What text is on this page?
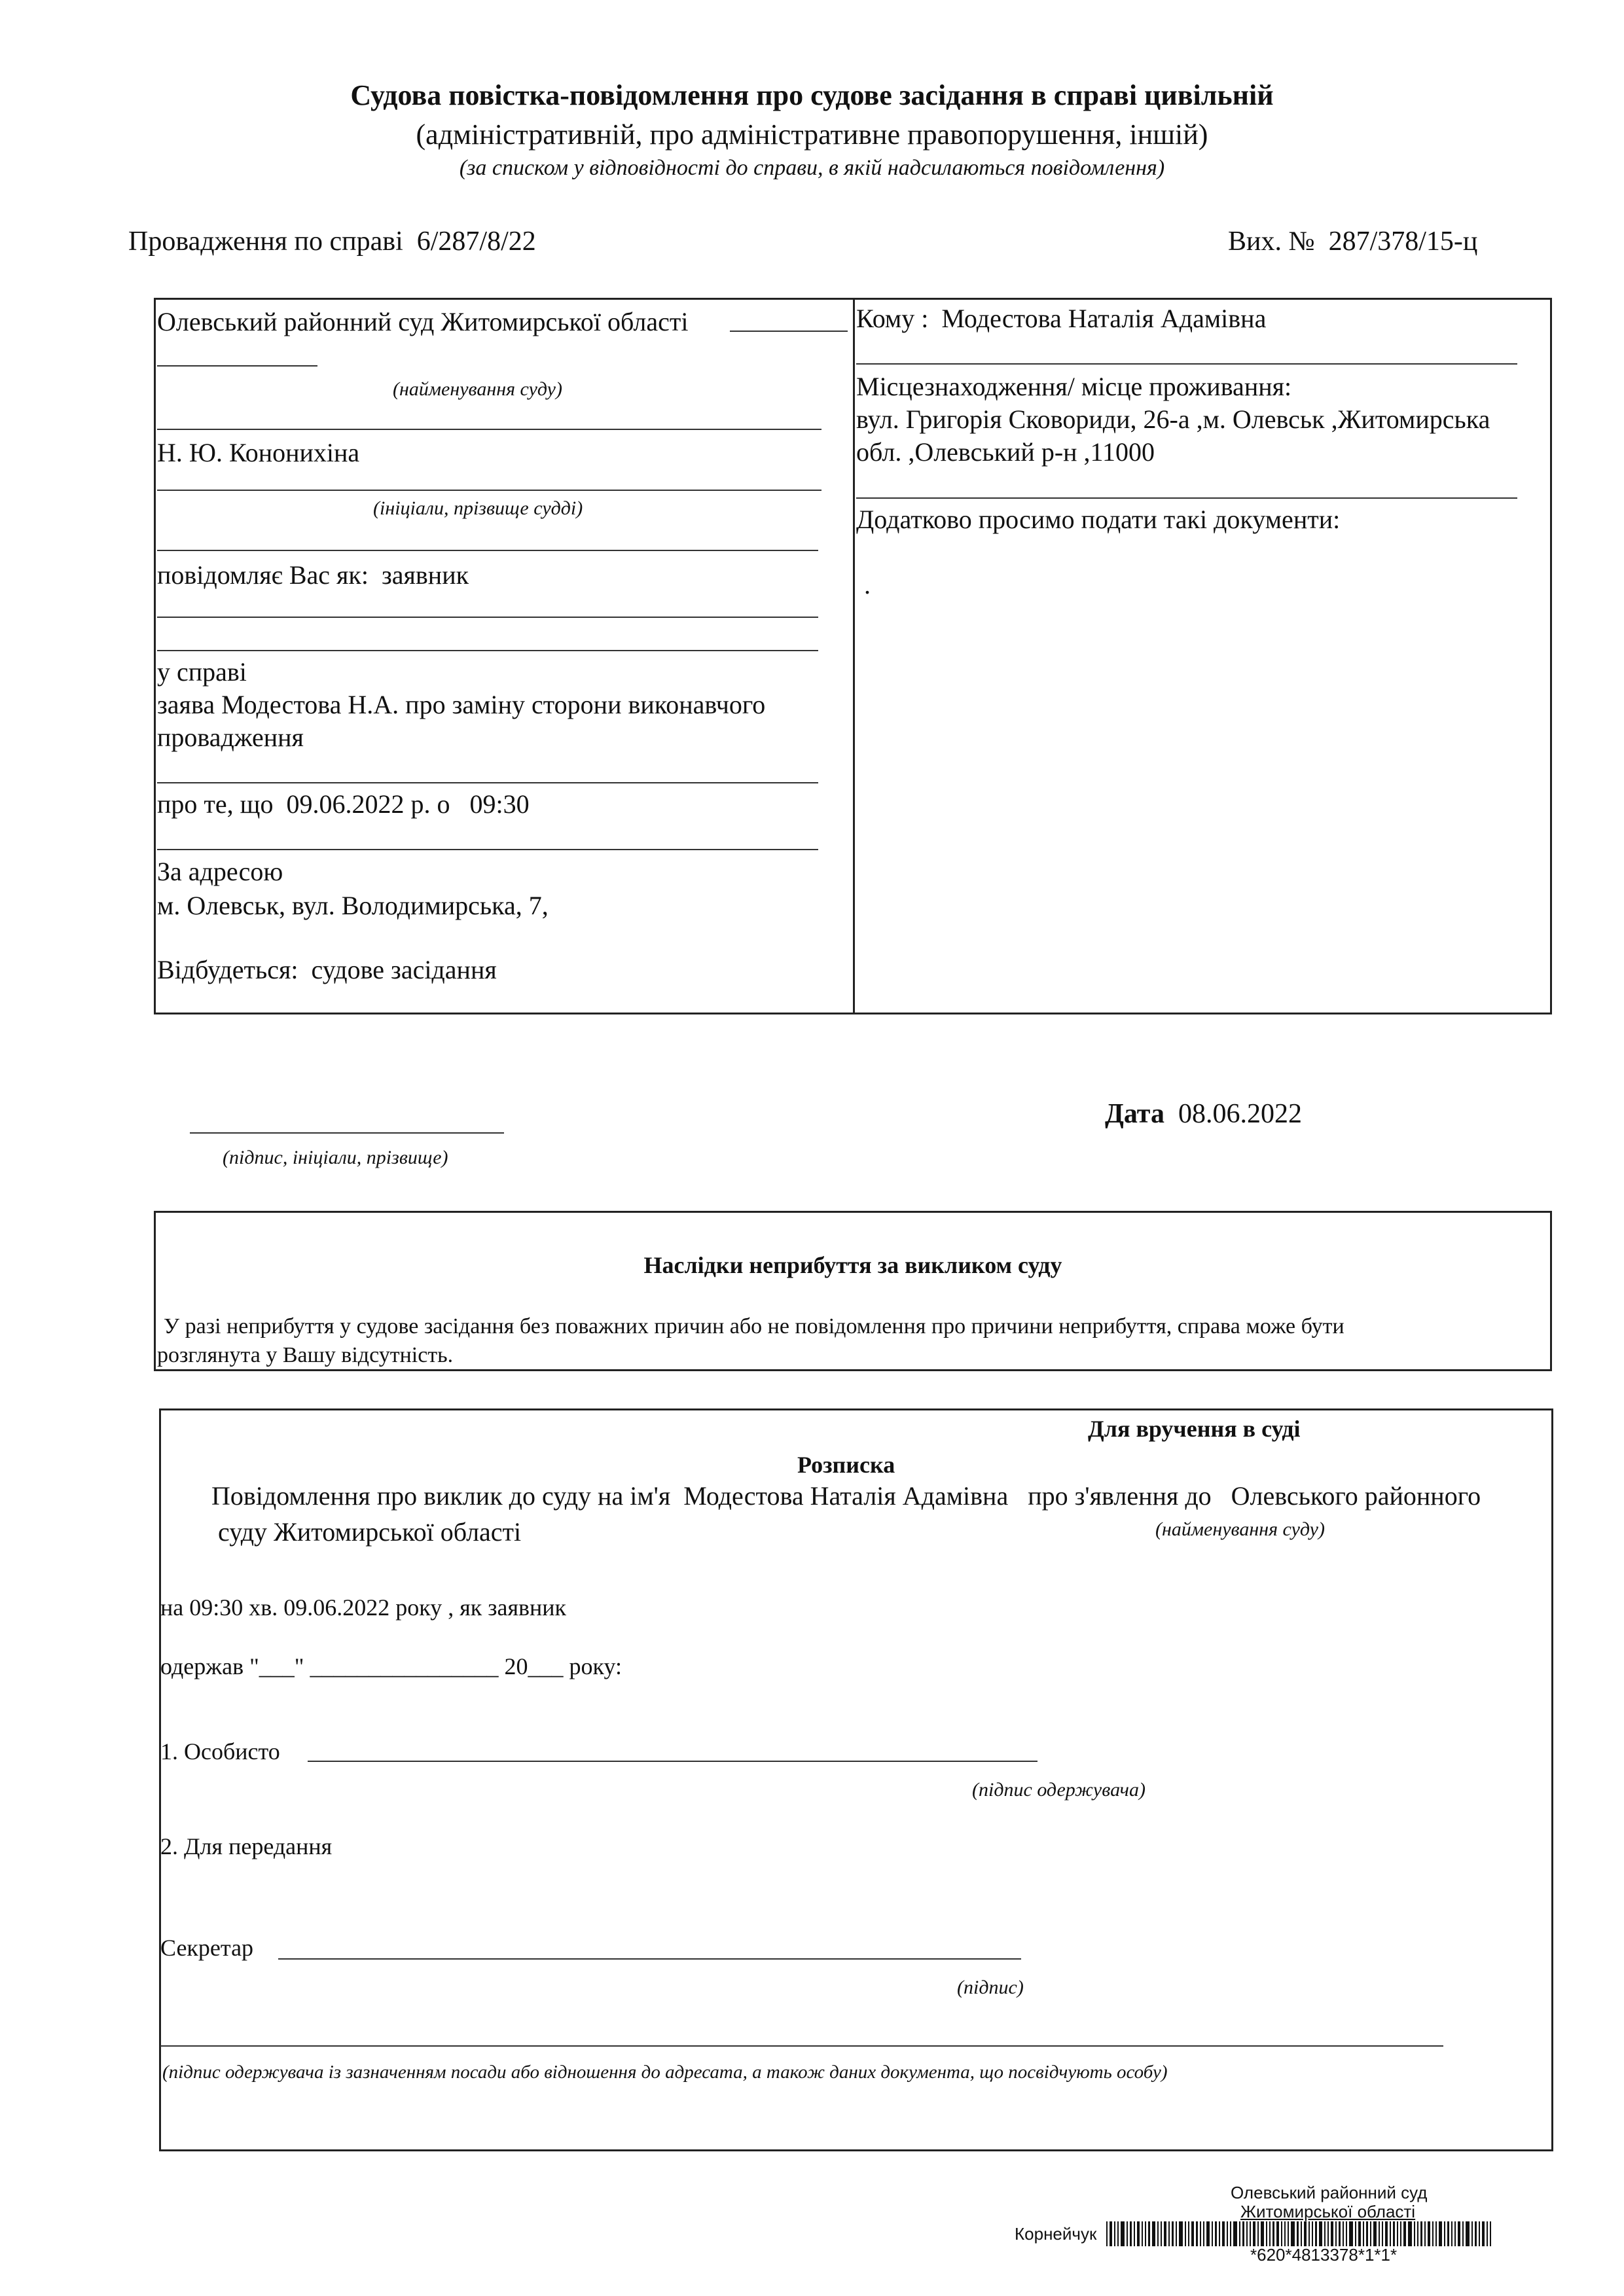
Судова повістка-повідомлення про судове засідання в справі цивільній
(адміністративній, про адміністративне правопорушення, іншій)
(за списком у відповідності до справи, в якій надсилаються повідомлення)
Провадження по справі 6/287/8/22	Вих. № 287/378/15-ц
Олевський районний суд Житомирської області
(найменування суду)
Н. Ю. Кононихіна
(ініціали, прізвище судді)
повідомляє Вас як: заявник
у справі
заява Модестова Н.А. про заміну сторони виконавчого
провадження
про те, що 09.06.2022 р. о 09:30
За адресою
м. Олевськ, вул. Володимирська, 7,
Відбудеться: судове засідання
Кому : Модестова Наталія Адамівна
Місцезнаходження/ місце проживання:
вул. Григорія Сковориди, 26-а ,м. Олевськ ,Житомирська
обл. ,Олевський р-н ,11000
Додатково просимо подати такі документи:
.
(підпис, ініціали, прізвище)
Дата 08.06.2022
Наслідки неприбуття за викликом суду
У разі неприбуття у судове засідання без поважних причин або не повідомлення про причини неприбуття, справа може бути
розглянута у Вашу відсутність.
Для вручення в суді
Розписка
Повідомлення про виклик до суду на ім'я Модестова Наталія Адамівна про з'явлення до Олевського районного
суду Житомирської області	(найменування суду)
на 09:30 хв. 09.06.2022 року , як заявник
одержав "___" ________________ 20___ року:
1. Особисто
(підпис одержувача)
2. Для передання
Секретар
(підпис)
(підпис одержувача із зазначенням посади або відношення до адресата, а також даних документа, що посвідчують особу)
Олевський районний суд
Житомирської області
Корнейчук
*620*4813378*1*1*
